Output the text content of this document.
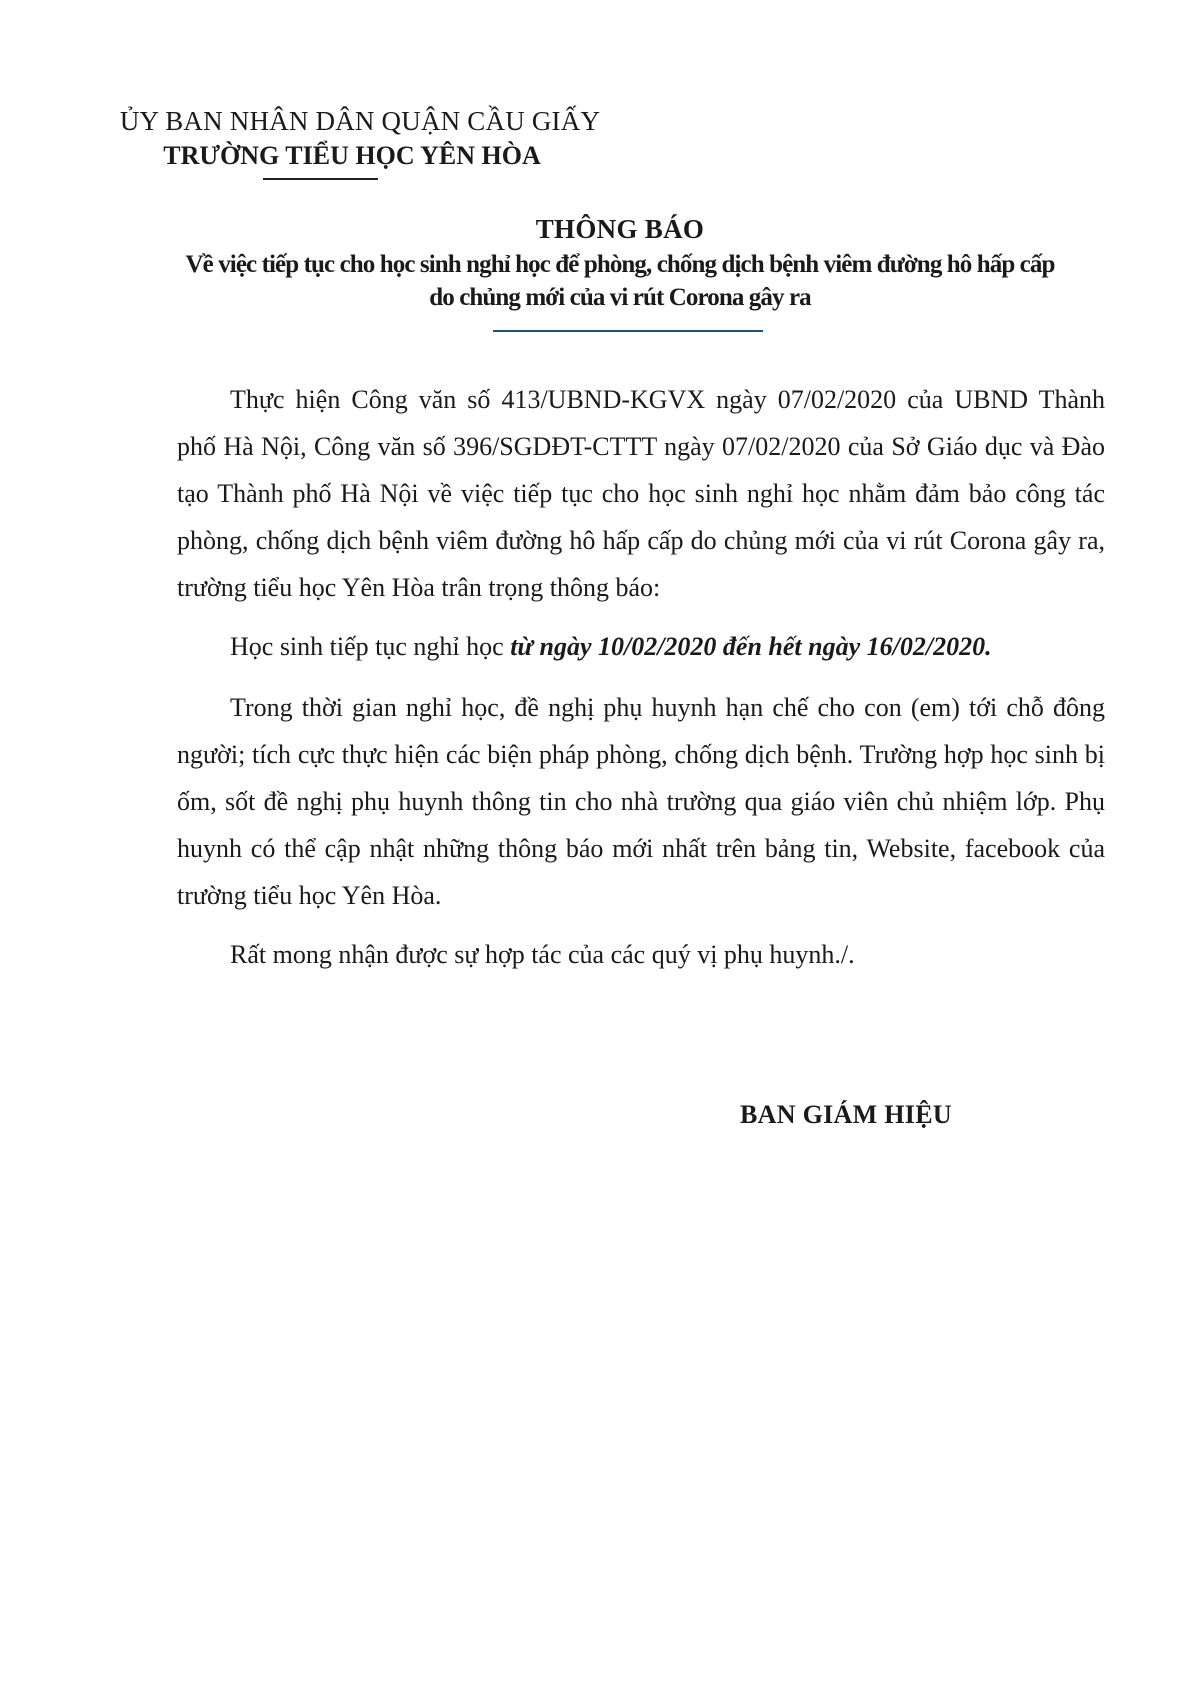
ỦY BAN NHÂN DÂN QUẬN CẦU GIẤY
TRƯỜNG TIỂU HỌC YÊN HÒA
THÔNG BÁO
Về việc tiếp tục cho học sinh nghỉ học để phòng, chống dịch bệnh viêm đường hô hấp cấp
do chủng mới của vi rút Corona gây ra

Thực hiện Công văn số 413/UBND-KGVX ngày 07/02/2020 của UBND Thành phố Hà Nội, Công văn số 396/SGDĐT-CTTT ngày 07/02/2020 của Sở Giáo dục và Đào tạo Thành phố Hà Nội về việc tiếp tục cho học sinh nghỉ học nhằm đảm bảo công tác phòng, chống dịch bệnh viêm đường hô hấp cấp do chủng mới của vi rút Corona gây ra, trường tiểu học Yên Hòa trân trọng thông báo:

Học sinh tiếp tục nghỉ học từ ngày 10/02/2020 đến hết ngày 16/02/2020.

Trong thời gian nghỉ học, đề nghị phụ huynh hạn chế cho con (em) tới chỗ đông người; tích cực thực hiện các biện pháp phòng, chống dịch bệnh. Trường hợp học sinh bị ốm, sốt đề nghị phụ huynh thông tin cho nhà trường qua giáo viên chủ nhiệm lớp. Phụ huynh có thể cập nhật những thông báo mới nhất trên bảng tin, Website, facebook của trường tiểu học Yên Hòa.

Rất mong nhận được sự hợp tác của các quý vị phụ huynh./.

BAN GIÁM HIỆU
